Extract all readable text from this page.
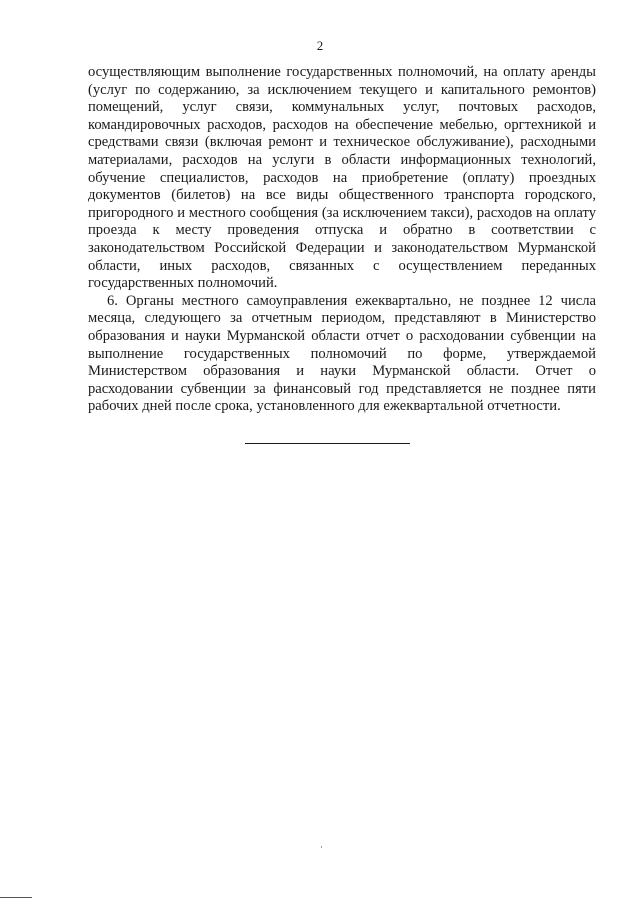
2

осуществляющим выполнение государственных полномочий, на оплату аренды (услуг по содержанию, за исключением текущего и капитального ремонтов) помещений, услуг связи, коммунальных услуг, почтовых расходов, командировочных расходов, расходов на обеспечение мебелью, оргтехникой и средствами связи (включая ремонт и техническое обслуживание), расходными материалами, расходов на услуги в области информационных технологий, обучение специалистов, расходов на приобретение (оплату) проездных документов (билетов) на все виды общественного транспорта городского, пригородного и местного сообщения (за исключением такси), расходов на оплату проезда к месту проведения отпуска и обратно в соответствии с законодательством Российской Федерации и законодательством Мурманской области, иных расходов, связанных с осуществлением переданных государственных полномочий.

6. Органы местного самоуправления ежеквартально, не позднее 12 числа месяца, следующего за отчетным периодом, представляют в Министерство образования и науки Мурманской области отчет о расходовании субвенции на выполнение государственных полномочий по форме, утверждаемой Министерством образования и науки Мурманской области. Отчет о расходовании субвенции за финансовый год представляется не позднее пяти рабочих дней после срока, установленного для ежеквартальной отчетности.
